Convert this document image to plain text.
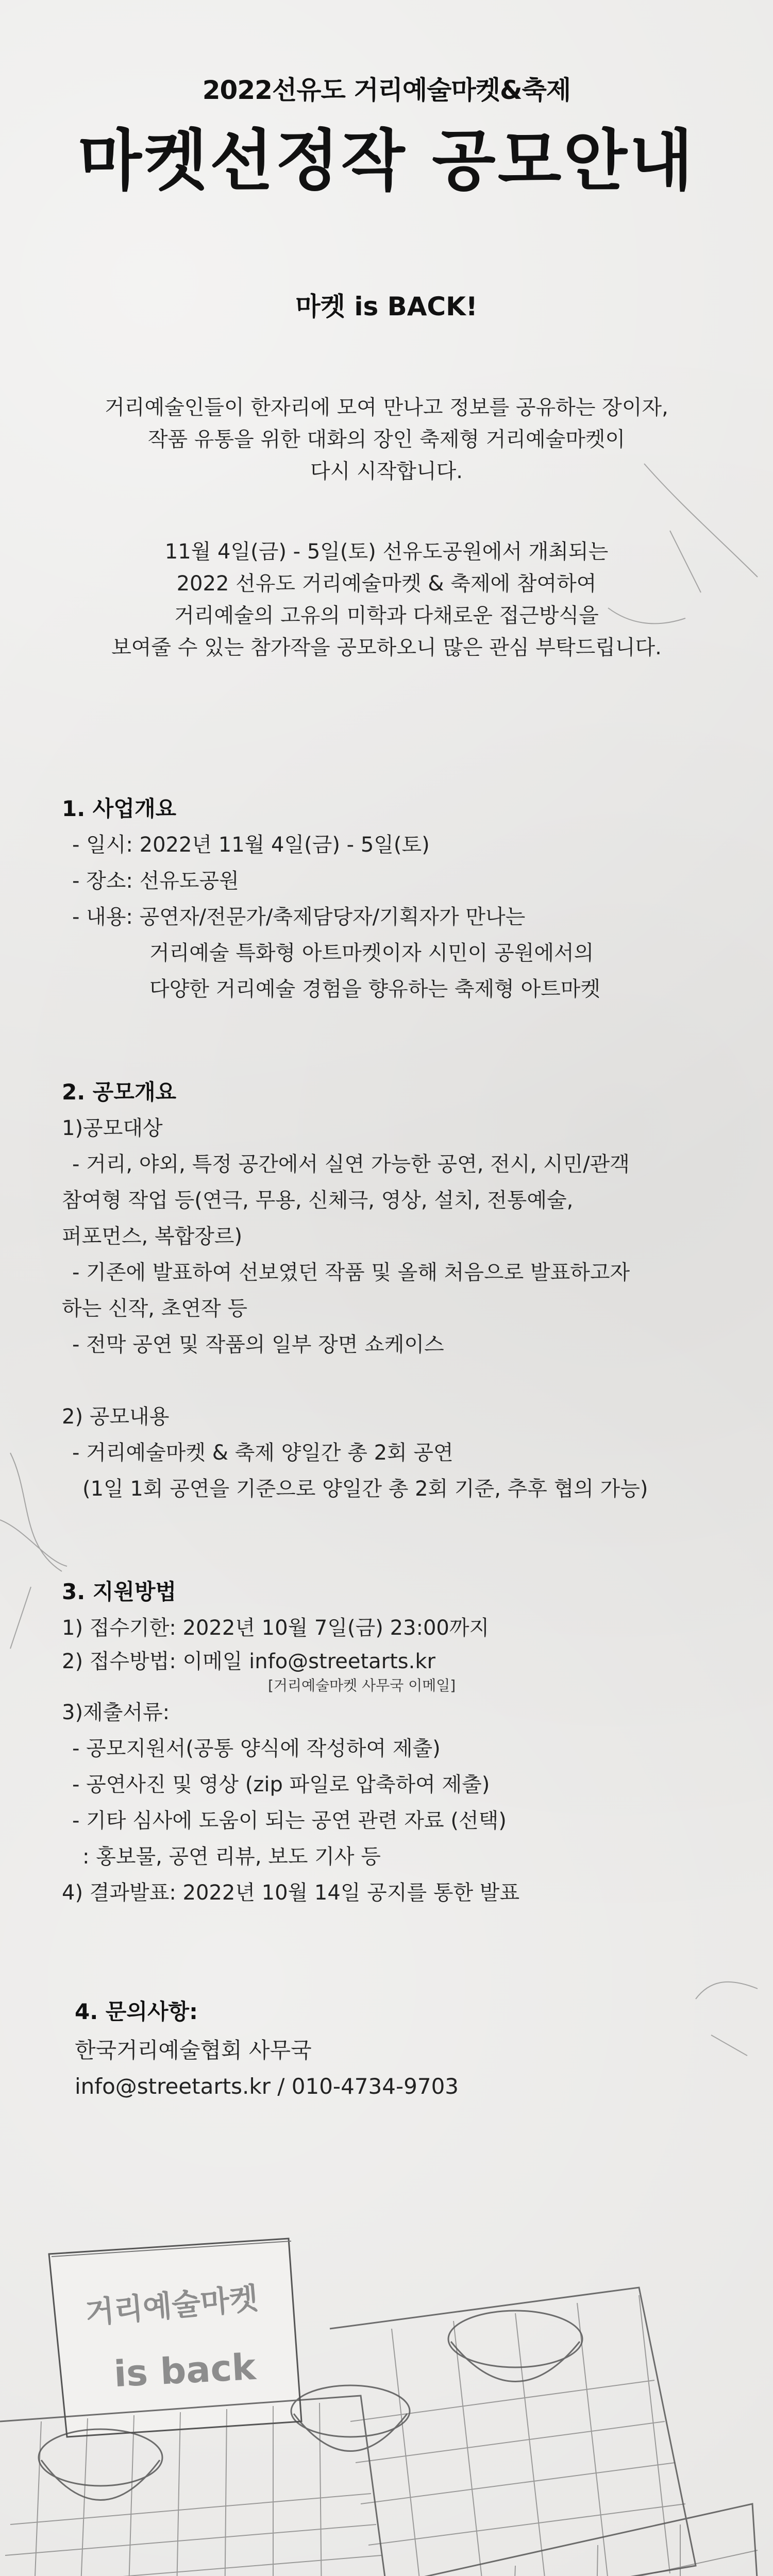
2022선유도 거리예술마켓&축제
마켓선정작 공모안내
마켓 is BACK!

거리예술인들이 한자리에 모여 만나고 정보를 공유하는 장이자,

작품 유통을 위한 대화의 장인 축제형 거리예술마켓이

다시 시작합니다.

11월 4일(금) - 5일(토) 선유도공원에서 개최되는

2022 선유도 거리예술마켓 & 축제에 참여하여

거리예술의 고유의 미학과 다채로운 접근방식을

보여줄 수 있는 참가작을 공모하오니 많은 관심 부탁드립니다.

1. 사업개요

- 일시: 2022년 11월 4일(금) - 5일(토)

- 장소: 선유도공원

- 내용: 공연자/전문가/축제담당자/기획자가 만나는

거리예술 특화형 아트마켓이자 시민이 공원에서의

다양한 거리예술 경험을 향유하는 축제형 아트마켓

2. 공모개요

1)공모대상

- 거리, 야외, 특정 공간에서 실연 가능한 공연, 전시, 시민/관객

참여형 작업 등(연극, 무용, 신체극, 영상, 설치, 전통예술,

퍼포먼스, 복합장르)

- 기존에 발표하여 선보였던 작품 및 올해 처음으로 발표하고자

하는 신작, 초연작 등

- 전막 공연 및 작품의 일부 장면 쇼케이스

2) 공모내용

- 거리예술마켓 & 축제 양일간 총 2회 공연

(1일 1회 공연을 기준으로 양일간 총 2회 기준, 추후 협의 가능)

3. 지원방법

1) 접수기한: 2022년 10월 7일(금) 23:00까지

2) 접수방법: 이메일 info@streetarts.kr

[거리예술마켓 사무국 이메일]

3)제출서류:

- 공모지원서(공통 양식에 작성하여 제출)

- 공연사진 및 영상 (zip 파일로 압축하여 제출)

- 기타 심사에 도움이 되는 공연 관련 자료 (선택)

: 홍보물, 공연 리뷰, 보도 기사 등

4) 결과발표: 2022년 10월 14일 공지를 통한 발표

4. 문의사항:

한국거리예술협회 사무국

info@streetarts.kr / 010-4734-9703

거리예술마켓
is back
